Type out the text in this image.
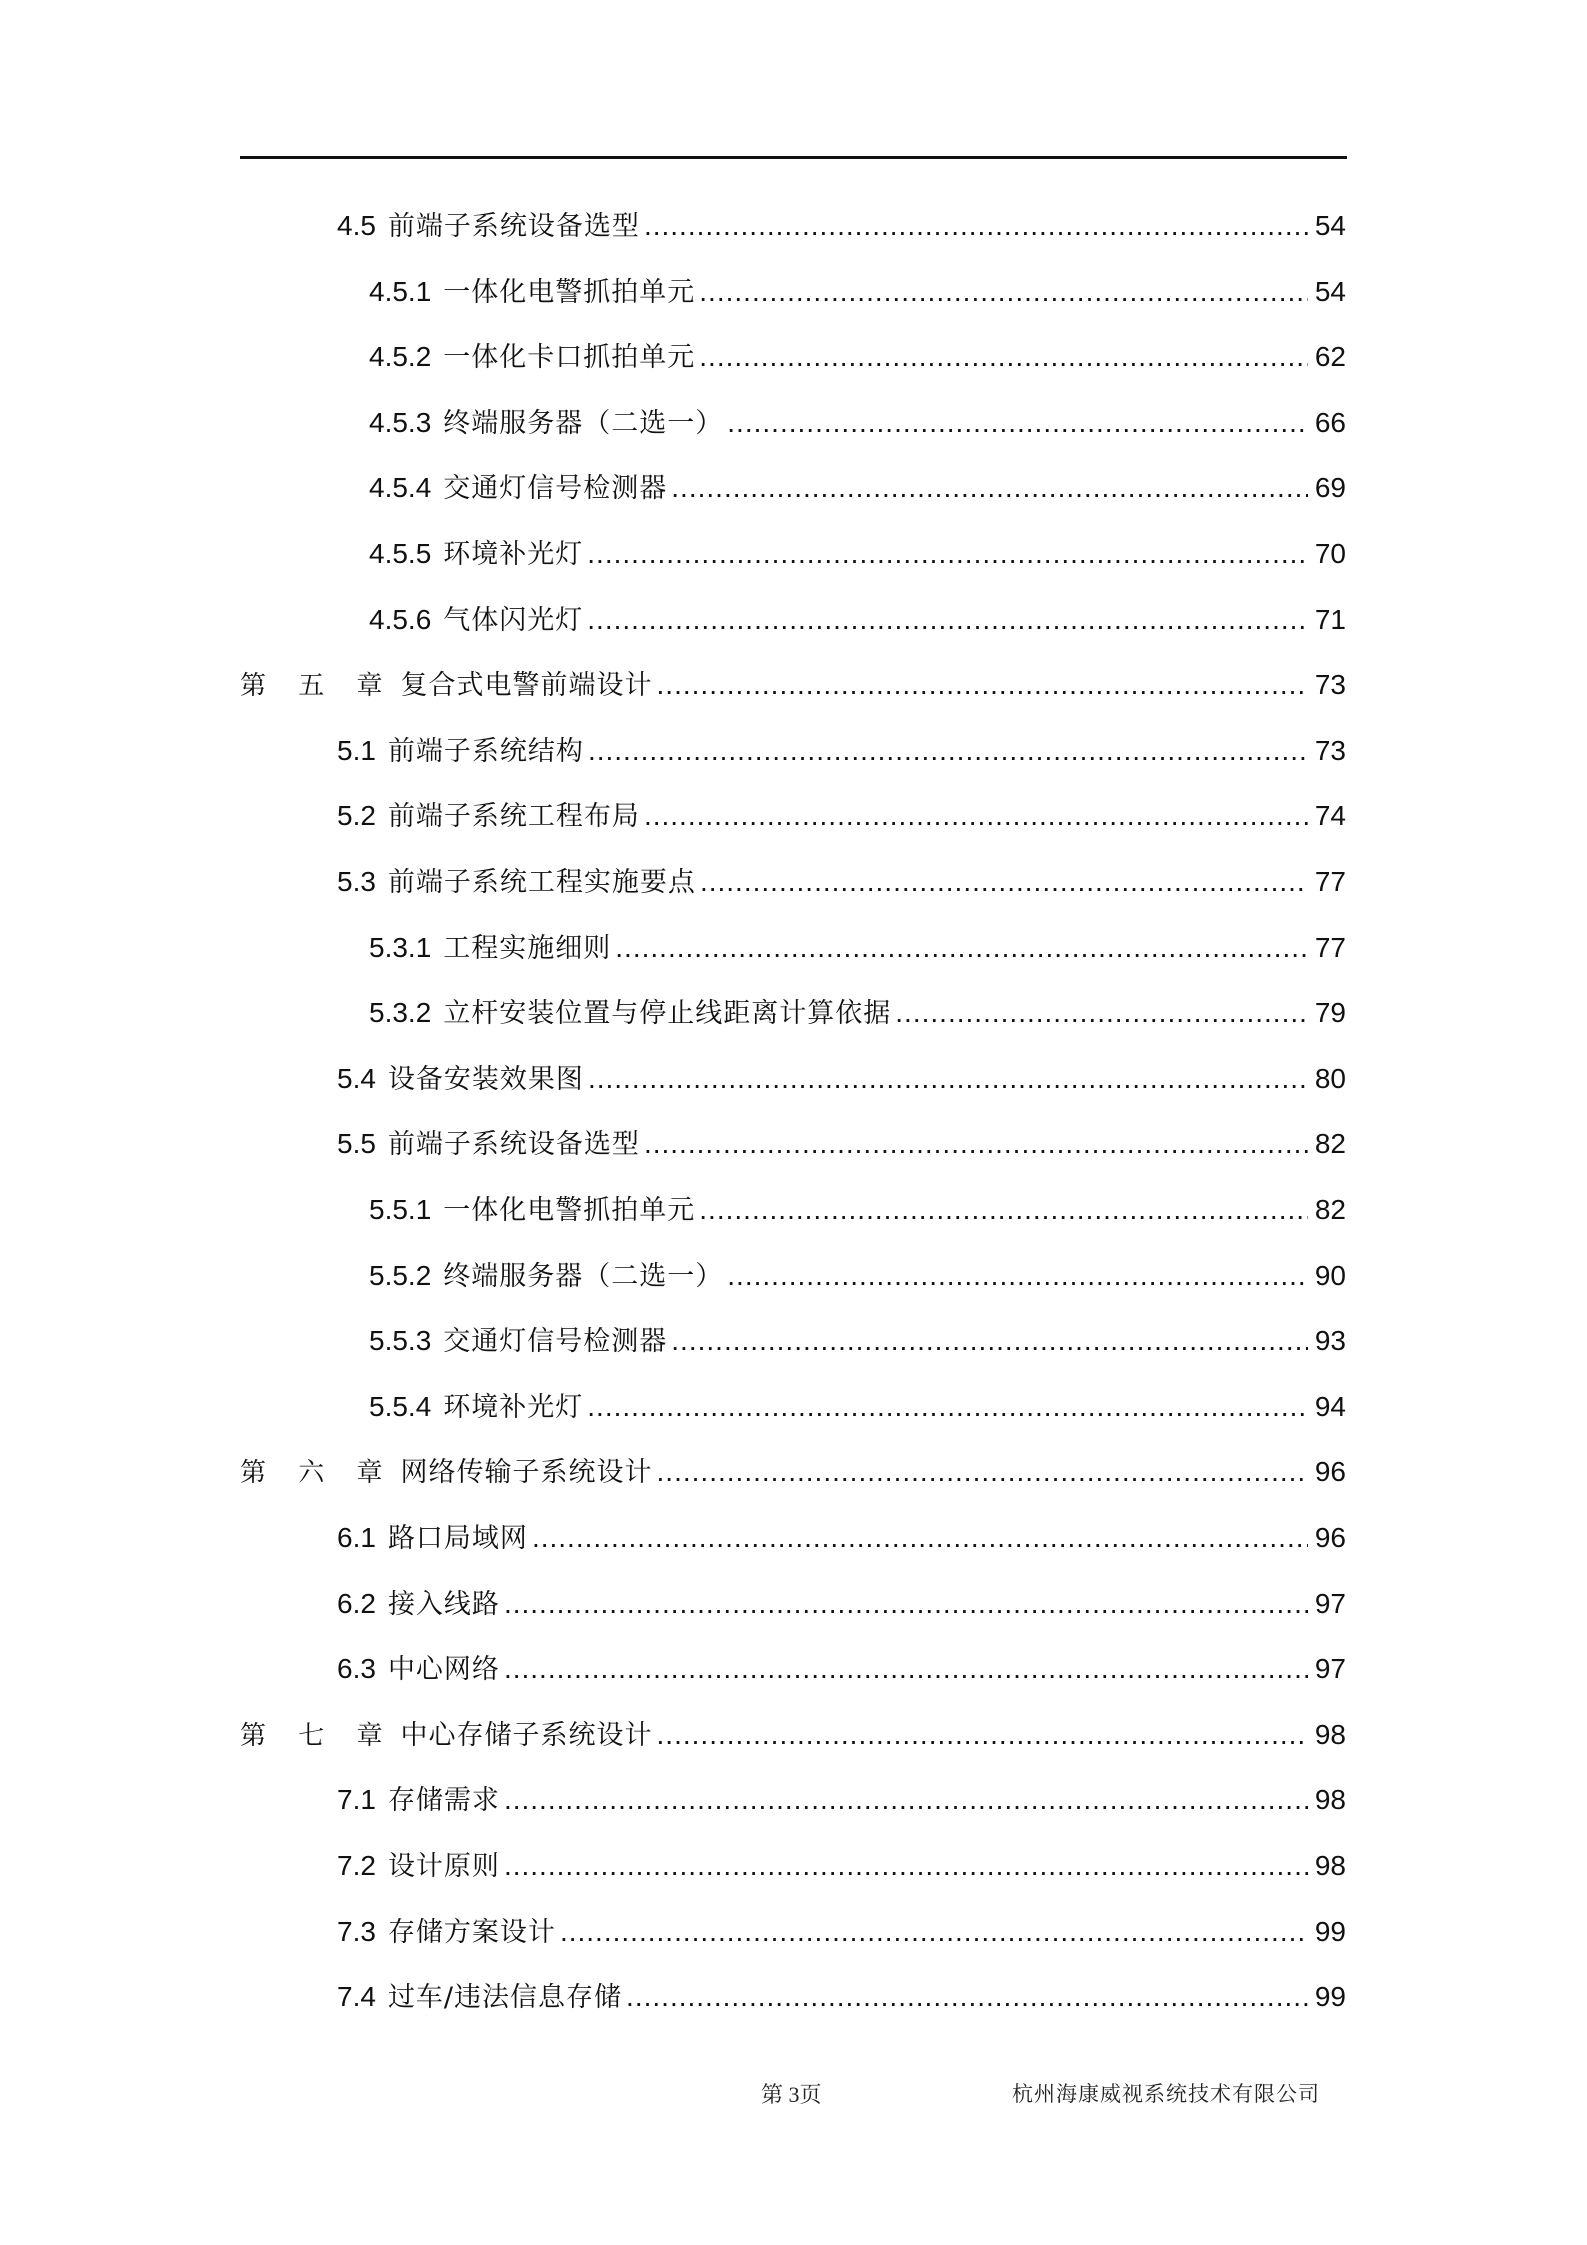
4.5 前端子系统设备选型 .....	54
4.5.1 一体化电警抓拍单元 .....	54
4.5.2 一体化卡口抓拍单元 .....	62
4.5.3 终端服务器（二选一） .....	66
4.5.4 交通灯信号检测器 .....	69
4.5.5 环境补光灯 .....	70
4.5.6 气体闪光灯 .....	71
第 五 章 复合式电警前端设计 .....	73
5.1 前端子系统结构 .....	73
5.2 前端子系统工程布局 .....	74
5.3 前端子系统工程实施要点 .....	77
5.3.1 工程实施细则 .....	77
5.3.2 立杆安装位置与停止线距离计算依据 .....	79
5.4 设备安装效果图 .....	80
5.5 前端子系统设备选型 .....	82
5.5.1 一体化电警抓拍单元 .....	82
5.5.2 终端服务器（二选一） .....	90
5.5.3 交通灯信号检测器 .....	93
5.5.4 环境补光灯 .....	94
第 六 章 网络传输子系统设计 .....	96
6.1 路口局域网 .....	96
6.2 接入线路 .....	97
6.3 中心网络 .....	97
第 七 章 中心存储子系统设计 .....	98
7.1 存储需求 .....	98
7.2 设计原则 .....	98
7.3 存储方案设计 .....	99
7.4 过车/违法信息存储 .....	99
第 3页	杭州海康威视系统技术有限公司
